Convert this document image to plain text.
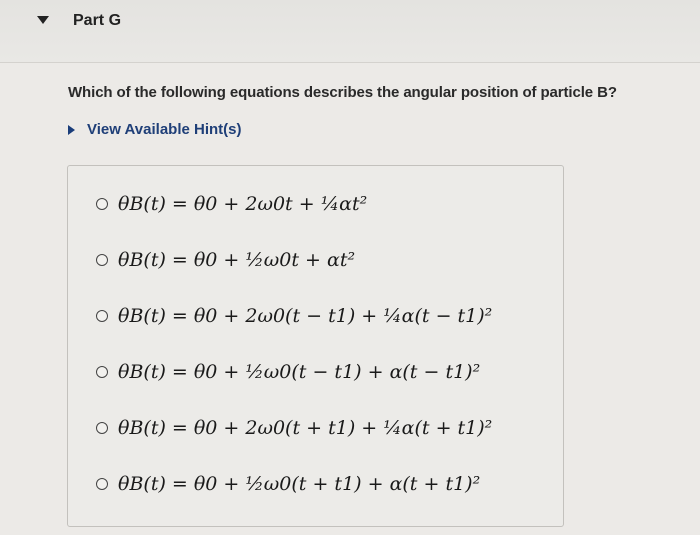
Part G
Which of the following equations describes the angular position of particle B?
View Available Hint(s)
θB(t) = θ0 + 2ω0t + ¼αt²
θB(t) = θ0 + ½ω0t + αt²
θB(t) = θ0 + 2ω0(t − t1) + ¼α(t − t1)²
θB(t) = θ0 + ½ω0(t − t1) + α(t − t1)²
θB(t) = θ0 + 2ω0(t + t1) + ¼α(t + t1)²
θB(t) = θ0 + ½ω0(t + t1) + α(t + t1)²
